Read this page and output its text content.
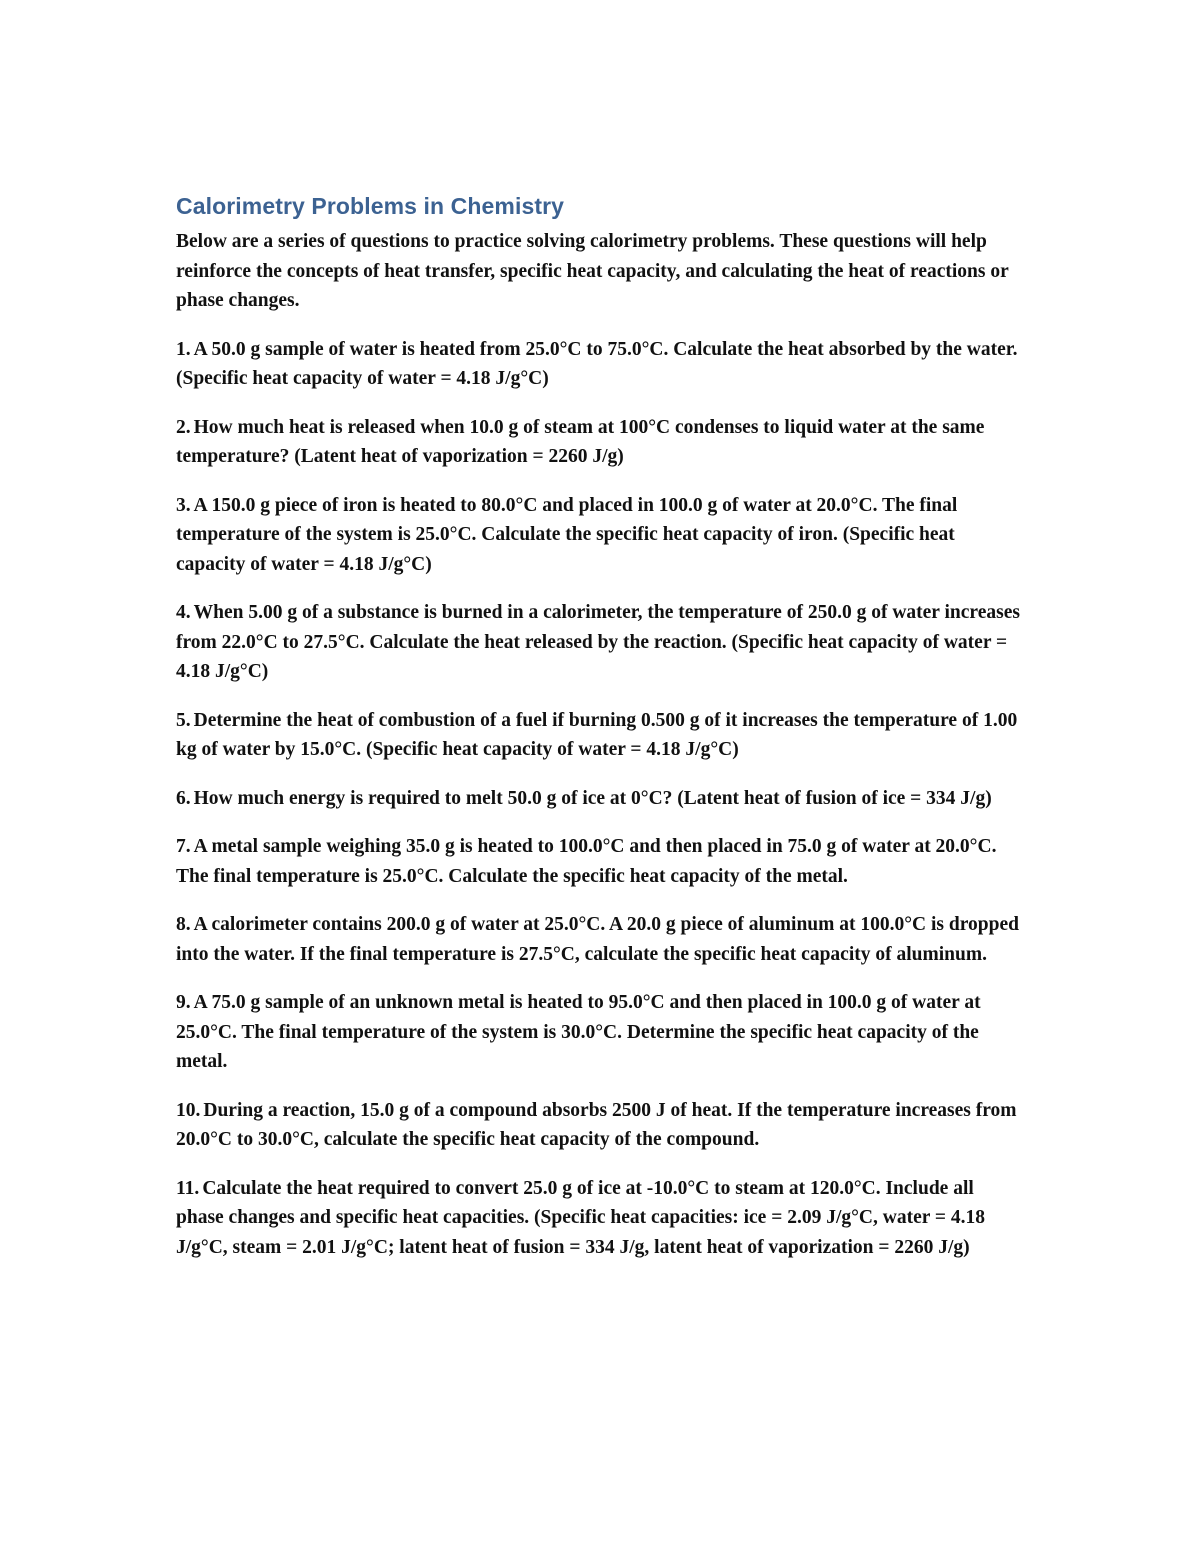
Calorimetry Problems in Chemistry

Below are a series of questions to practice solving calorimetry problems. These questions will help reinforce the concepts of heat transfer, specific heat capacity, and calculating the heat of reactions or phase changes.

1. A 50.0 g sample of water is heated from 25.0°C to 75.0°C. Calculate the heat absorbed by the water. (Specific heat capacity of water = 4.18 J/g°C)
2. How much heat is released when 10.0 g of steam at 100°C condenses to liquid water at the same temperature? (Latent heat of vaporization = 2260 J/g)
3. A 150.0 g piece of iron is heated to 80.0°C and placed in 100.0 g of water at 20.0°C. The final temperature of the system is 25.0°C. Calculate the specific heat capacity of iron. (Specific heat capacity of water = 4.18 J/g°C)
4. When 5.00 g of a substance is burned in a calorimeter, the temperature of 250.0 g of water increases from 22.0°C to 27.5°C. Calculate the heat released by the reaction. (Specific heat capacity of water = 4.18 J/g°C)
5. Determine the heat of combustion of a fuel if burning 0.500 g of it increases the temperature of 1.00 kg of water by 15.0°C. (Specific heat capacity of water = 4.18 J/g°C)
6. How much energy is required to melt 50.0 g of ice at 0°C? (Latent heat of fusion of ice = 334 J/g)
7. A metal sample weighing 35.0 g is heated to 100.0°C and then placed in 75.0 g of water at 20.0°C. The final temperature is 25.0°C. Calculate the specific heat capacity of the metal.
8. A calorimeter contains 200.0 g of water at 25.0°C. A 20.0 g piece of aluminum at 100.0°C is dropped into the water. If the final temperature is 27.5°C, calculate the specific heat capacity of aluminum.
9. A 75.0 g sample of an unknown metal is heated to 95.0°C and then placed in 100.0 g of water at 25.0°C. The final temperature of the system is 30.0°C. Determine the specific heat capacity of the metal.
10. During a reaction, 15.0 g of a compound absorbs 2500 J of heat. If the temperature increases from 20.0°C to 30.0°C, calculate the specific heat capacity of the compound.
11. Calculate the heat required to convert 25.0 g of ice at -10.0°C to steam at 120.0°C. Include all phase changes and specific heat capacities. (Specific heat capacities: ice = 2.09 J/g°C, water = 4.18 J/g°C, steam = 2.01 J/g°C; latent heat of fusion = 334 J/g, latent heat of vaporization = 2260 J/g)
